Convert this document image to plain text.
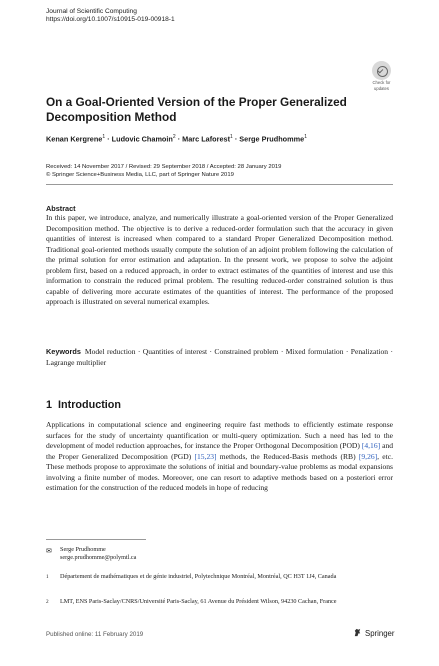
Journal of Scientific Computing
https://doi.org/10.1007/s10915-019-00918-1
Check for
updates
On a Goal-Oriented Version of the Proper Generalized Decomposition Method
Kenan Kergrene$^1$ · Ludovic Chamoin$^2$ · Marc Laforest$^1$ · Serge Prudhomme$^1$
Received: 14 November 2017 / Revised: 29 September 2018 / Accepted: 28 January 2019
© Springer Science+Business Media, LLC, part of Springer Nature 2019
Abstract
In this paper, we introduce, analyze, and numerically illustrate a goal-oriented version of the Proper Generalized Decomposition method. The objective is to derive a reduced-order formulation such that the accuracy in given quantities of interest is increased when compared to a standard Proper Generalized Decomposition method. Traditional goal-oriented methods usually compute the solution of an adjoint problem following the calculation of the primal solution for error estimation and adaptation. In the present work, we propose to solve the adjoint problem first, based on a reduced approach, in order to extract estimates of the quantities of interest and use this information to constrain the reduced primal problem. The resulting reduced-order constrained solution is thus capable of delivering more accurate estimates of the quantities of interest. The performance of the proposed approach is illustrated on several numerical examples.
Keywords Model reduction · Quantities of interest · Constrained problem · Mixed formulation · Penalization · Lagrange multiplier
1 Introduction
Applications in computational science and engineering require fast methods to efficiently estimate response surfaces for the study of uncertainty quantification or multi-query optimization. Such a need has led to the development of model reduction approaches, for instance the Proper Orthogonal Decomposition (POD) [4,16] and the Proper Generalized Decomposition (PGD) [15,23] methods, the Reduced-Basis methods (RB) [9,26], etc. These methods propose to approximate the solutions of initial and boundary-value problems as modal expansions involving a finite number of modes. Moreover, one can resort to adaptive methods based on a posteriori error estimation for the construction of the reduced models in hope of reducing
✉ Serge Prudhomme
serge.prudhomme@polymtl.ca
1 Département de mathématiques et de génie industriel, Polytechnique Montréal, Montréal, QC H3T 1J4, Canada
2 LMT, ENS Paris-Saclay/CNRS/Université Paris-Saclay, 61 Avenue du Président Wilson, 94230 Cachan, France
Published online: 11 February 2019	Springer
